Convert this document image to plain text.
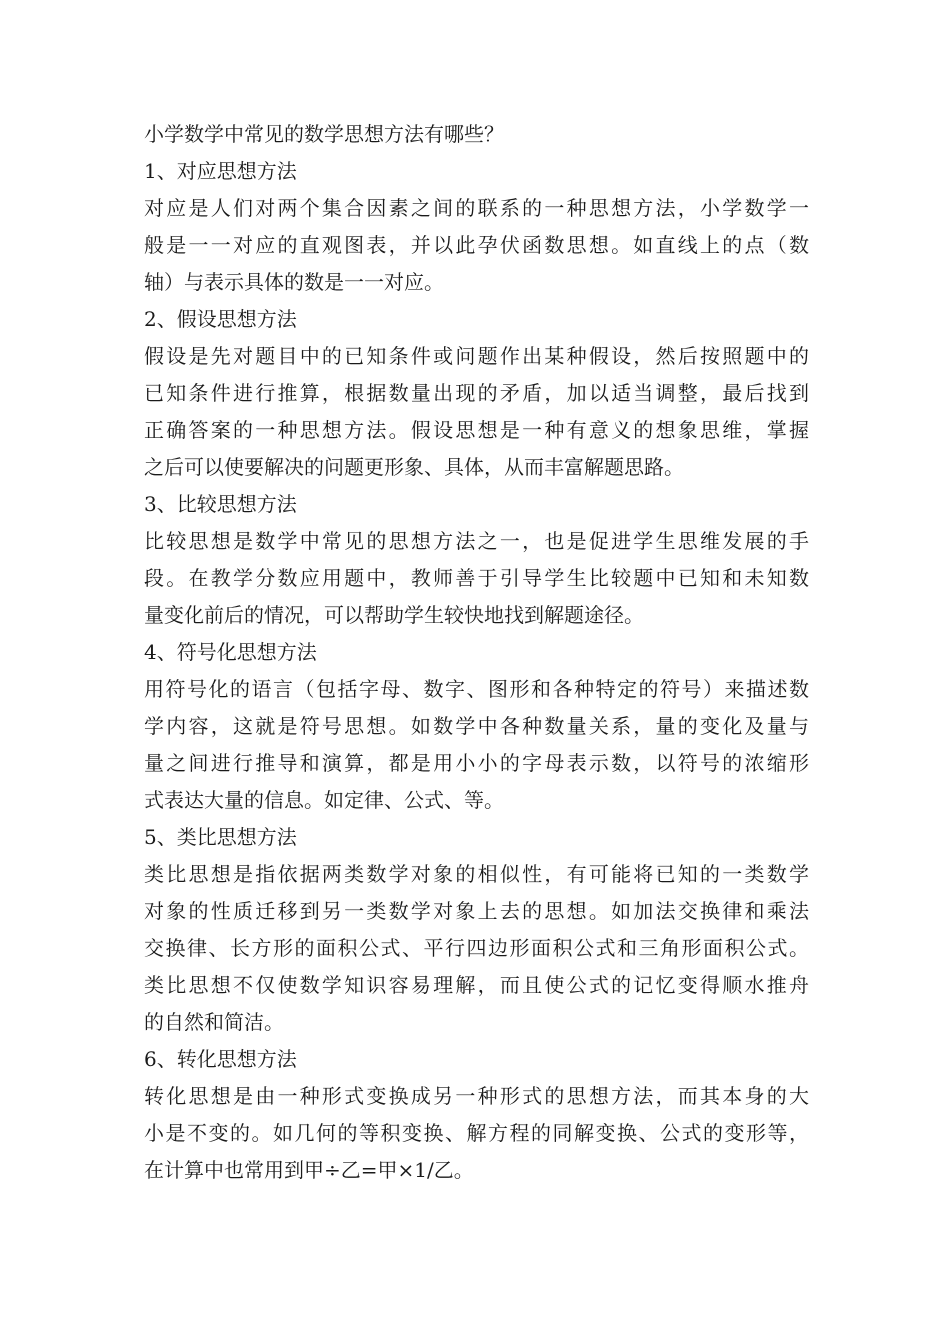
小学数学中常见的数学思想方法有哪些？
1、对应思想方法
对应是人们对两个集合因素之间的联系的一种思想方法，小学数学一
般是一一对应的直观图表，并以此孕伏函数思想。如直线上的点（数
轴）与表示具体的数是一一对应。
2、假设思想方法
假设是先对题目中的已知条件或问题作出某种假设，然后按照题中的
已知条件进行推算，根据数量出现的矛盾，加以适当调整，最后找到
正确答案的一种思想方法。假设思想是一种有意义的想象思维，掌握
之后可以使要解决的问题更形象、具体，从而丰富解题思路。
3、比较思想方法
比较思想是数学中常见的思想方法之一，也是促进学生思维发展的手
段。在教学分数应用题中，教师善于引导学生比较题中已知和未知数
量变化前后的情况，可以帮助学生较快地找到解题途径。
4、符号化思想方法
用符号化的语言（包括字母、数字、图形和各种特定的符号）来描述数
学内容，这就是符号思想。如数学中各种数量关系，量的变化及量与
量之间进行推导和演算，都是用小小的字母表示数，以符号的浓缩形
式表达大量的信息。如定律、公式、等。
5、类比思想方法
类比思想是指依据两类数学对象的相似性，有可能将已知的一类数学
对象的性质迁移到另一类数学对象上去的思想。如加法交换律和乘法
交换律、长方形的面积公式、平行四边形面积公式和三角形面积公式。
类比思想不仅使数学知识容易理解，而且使公式的记忆变得顺水推舟
的自然和简洁。
6、转化思想方法
转化思想是由一种形式变换成另一种形式的思想方法，而其本身的大
小是不变的。如几何的等积变换、解方程的同解变换、公式的变形等，
在计算中也常用到甲÷乙=甲×1/乙。
